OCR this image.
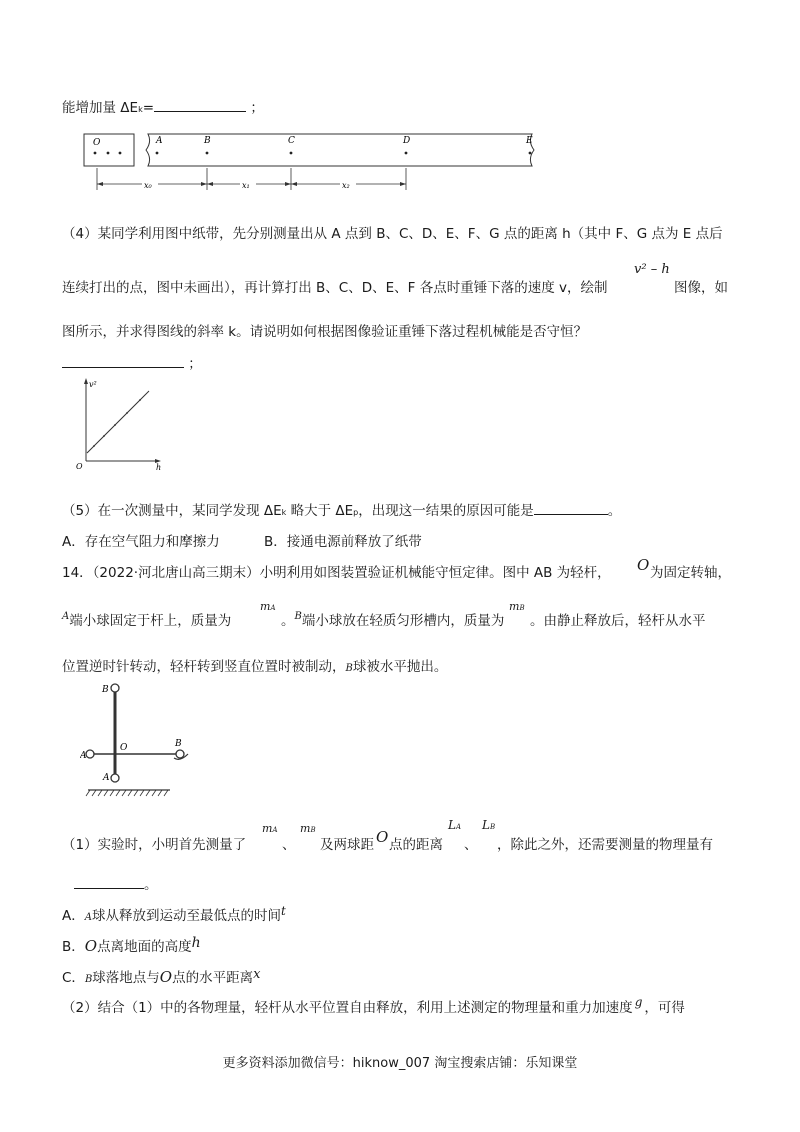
能增加量 ΔEk=	；
O	A	B	C	D	E
x₀	x₁	x₂
（4）某同学利用图中纸带，先分别测量出从 A 点到 B、C、D、E、F、G 点的距离 h（其中 F、G 点为 E 点后
连续打出的点，图中未画出），再计算打出 B、C、D、E、F 各点时重锤下落的速度 v，绘制
v² – h
图像，如
图所示，并求得图线的斜率 k。请说明如何根据图像验证重锤下落过程机械能是否守恒？
；
v²
h
O
（5）在一次测量中，某同学发现 ΔEk 略大于 ΔEp，出现这一结果的原因可能是	。
A．存在空气阻力和摩擦力	B．接通电源前释放了纸带
14．（2022·河北唐山高三期末）小明利用如图装置验证机械能守恒定律。图中 AB 为轻杆， O 为固定转轴，
$^A$端小球固定于杆上，质量为
mA
。$^B$端小球放在轻质匀形槽内，质量为
mB
。由静止释放后，轻杆从水平
位置逆时针转动，轻杆转到竖直位置时被制动，B球被水平抛出。
B
A
O	B
A
（1）实验时，小明首先测量了
mA
、
mB
及两球距 O 点的距离
LA
、
LB
，除此之外，还需要测量的物理量有
。
A．A球从释放到运动至最低点的时间t
B．O点离地面的高度h
C．B球落地点与O点的水平距离x
（2）结合（1）中的各物理量，轻杆从水平位置自由释放，利用上述测定的物理量和重力加速度 g ，可得
更多资料添加微信号：hiknow_007 淘宝搜索店铺：乐知课堂
